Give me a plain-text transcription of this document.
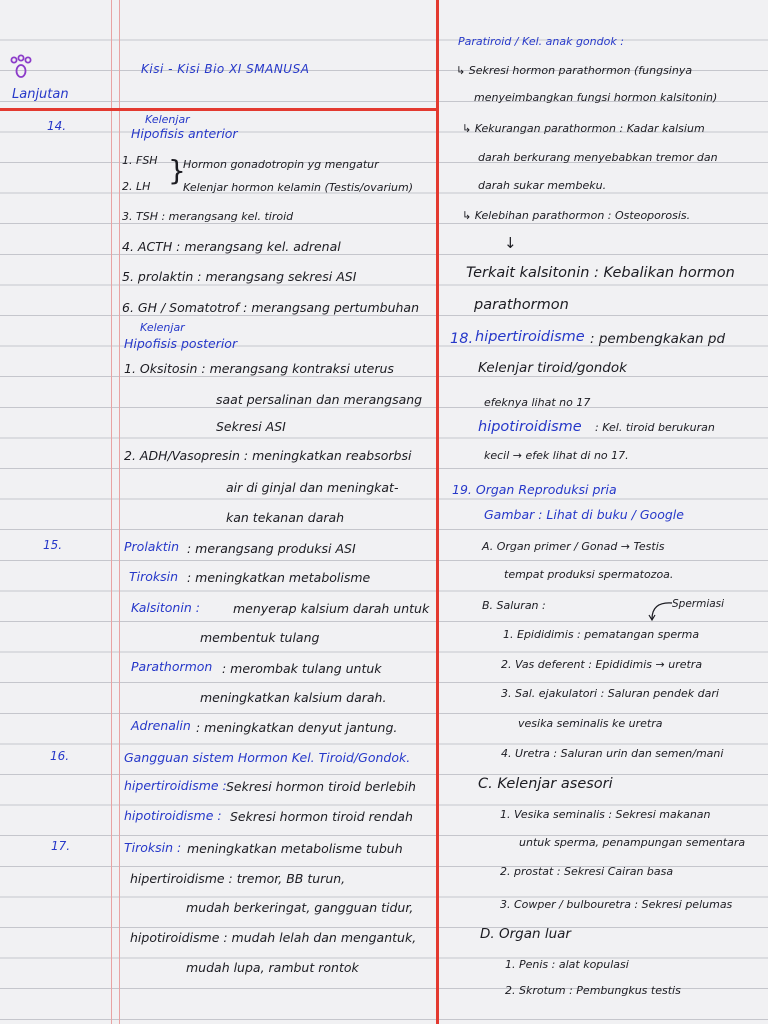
Lanjutan
Kisi - Kisi Bio XI SMANUSA
14.	Kelenjar
Hipofisis anterior
1. FSH
2. LH }
Hormon gonadotropin yg mengatur
Kelenjar hormon kelamin (Testis/ovarium)
3. TSH : merangsang kel. tiroid
4. ACTH : merangsang kel. adrenal
5. prolaktin : merangsang sekresi ASI
6. GH / Somatotrof : merangsang pertumbuhan
Kelenjar
Hipofisis posterior
1. Oksitosin : merangsang kontraksi uterus
saat persalinan dan merangsang
Sekresi ASI
2. ADH/Vasopresin : meningkatkan reabsorbsi
air di ginjal dan meningkat-
kan tekanan darah
15.	Prolaktin : merangsang produksi ASI
Tiroksin : meningkatkan metabolisme
Kalsitonin :	menyerap kalsium darah untuk
membentuk tulang
Parathormon : merombak tulang untuk
meningkatkan kalsium darah.
Adrenalin : meningkatkan denyut jantung.
16.	Gangguan sistem Hormon Kel. Tiroid/Gondok.
hipertiroidisme : Sekresi hormon tiroid berlebih
hipotiroidisme : Sekresi hormon tiroid rendah
17.	Tiroksin : meningkatkan metabolisme tubuh
hipertiroidisme : tremor, BB turun,
mudah berkeringat, gangguan tidur,
hipotiroidisme : mudah lelah dan mengantuk,
mudah lupa, rambut rontok
Paratiroid / Kel. anak gondok :
↳ Sekresi hormon parathormon (fungsinya
menyeimbangkan fungsi hormon kalsitonin)
↳ Kekurangan parathormon : Kadar kalsium
darah berkurang menyebabkan tremor dan
darah sukar membeku.
↳ Kelebihan parathormon : Osteoporosis.
↓
Terkait kalsitonin : Kebalikan hormon
parathormon
18. hipertiroidisme : pembengkakan pd
Kelenjar tiroid/gondok
efeknya lihat no 17
hipotiroidisme : Kel. tiroid berukuran
kecil → efek lihat di no 17.
19. Organ Reproduksi pria
Gambar : Lihat di buku / Google
A. Organ primer / Gonad → Testis
tempat produksi spermatozoa.
B. Saluran :	Spermiasi
1. Epididimis : pematangan sperma
2. Vas deferent : Epididimis → uretra
3. Sal. ejakulatori : Saluran pendek dari
vesika seminalis ke uretra
4. Uretra : Saluran urin dan semen/mani
C. Kelenjar asesori
1. Vesika seminalis : Sekresi makanan
untuk sperma, penampungan sementara
2. prostat : Sekresi Cairan basa
3. Cowper / bulbouretra : Sekresi pelumas
D. Organ luar
1. Penis : alat kopulasi
2. Skrotum : Pembungkus testis
